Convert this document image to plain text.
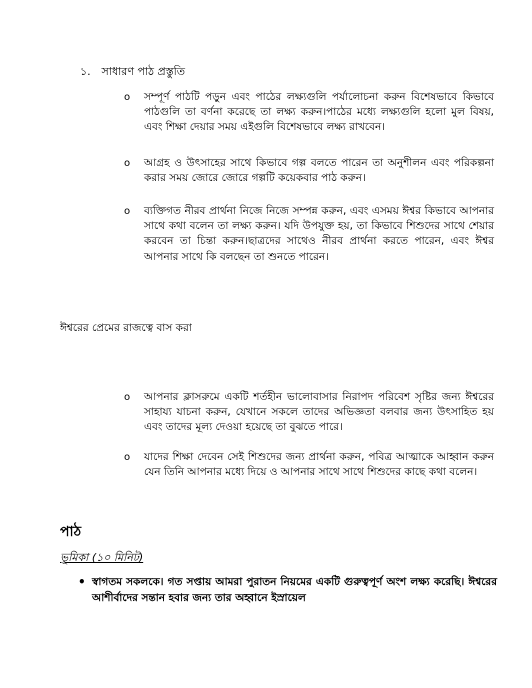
১. সাধারণ পাঠ প্রস্তুতি
o সম্পূর্ণ পাঠটি পড়ুন এবং পাঠের লক্ষ্যগুলি পর্যালোচনা করুন বিশেষভাবে কিভাবে পাঠগুলি তা বর্ণনা করেছে তা লক্ষ্য করুন।পাঠের মধ্যে লক্ষ্যগুলি হলো মুল বিষয়, এবং শিক্ষা দেয়ার সময় এইগুলি বিশেষভাবে লক্ষ্য রাখবেন।

o আগ্রহ ও উৎসাহের সাথে কিভাবে গল্প বলতে পারেন তা অনুশীলন এবং পরিকল্পনা করার সময় জোরে জোরে গল্পটি কয়েকবার পাঠ করুন।

o ব্যক্তিগত নীরব প্রার্থনা নিজে নিজে সম্পন্ন করুন, এবং এসময় ঈশ্বর কিভাবে আপনার সাথে কথা বলেন তা লক্ষ্য করুন। যদি উপযুক্ত হয়, তা কিভাবে শিশুদের সাথে শেয়ার করবেন তা চিন্তা করুন।ছাত্রদের সাথেও নীরব প্রার্থনা করতে পারেন, এবং ঈশ্বর আপনার সাথে কি বলছেন তা শুনতে পারেন।

ঈশ্বরের প্রেমের রাজত্বে বাস করা
o আপনার ক্লাসরুমে একটি শর্তহীন ভালোবাসার নিরাপদ পরিবেশ সৃষ্টির জন্য ঈশ্বরের সাহায্য যাচনা করুন, যেখানে সকলে তাদের অভিজ্ঞতা বলবার জন্য উৎসাহিত হয় এবং তাদের মূল্য দেওয়া হয়েছে তা বুঝতে পারে।

o যাদের শিক্ষা দেবেন সেই শিশুদের জন্য প্রার্থনা করুন, পবিত্র আত্মাকে আহ্বান করুন যেন তিনি আপনার মধ্যে দিয়ে ও আপনার সাথে সাথে শিশুদের কাছে কথা বলেন।

পাঠ
ভূমিকা (১০ মিনিট)
• স্বাগতম সকলকে। গত সপ্তায় আমরা পুরাতন নিয়মের একটি গুরুত্বপূর্ণ অংশ লক্ষ্য করেছি। ঈশ্বরের আশীর্বাদের সন্তান হবার জন্য তার অহ্বানে ইস্রায়েল
